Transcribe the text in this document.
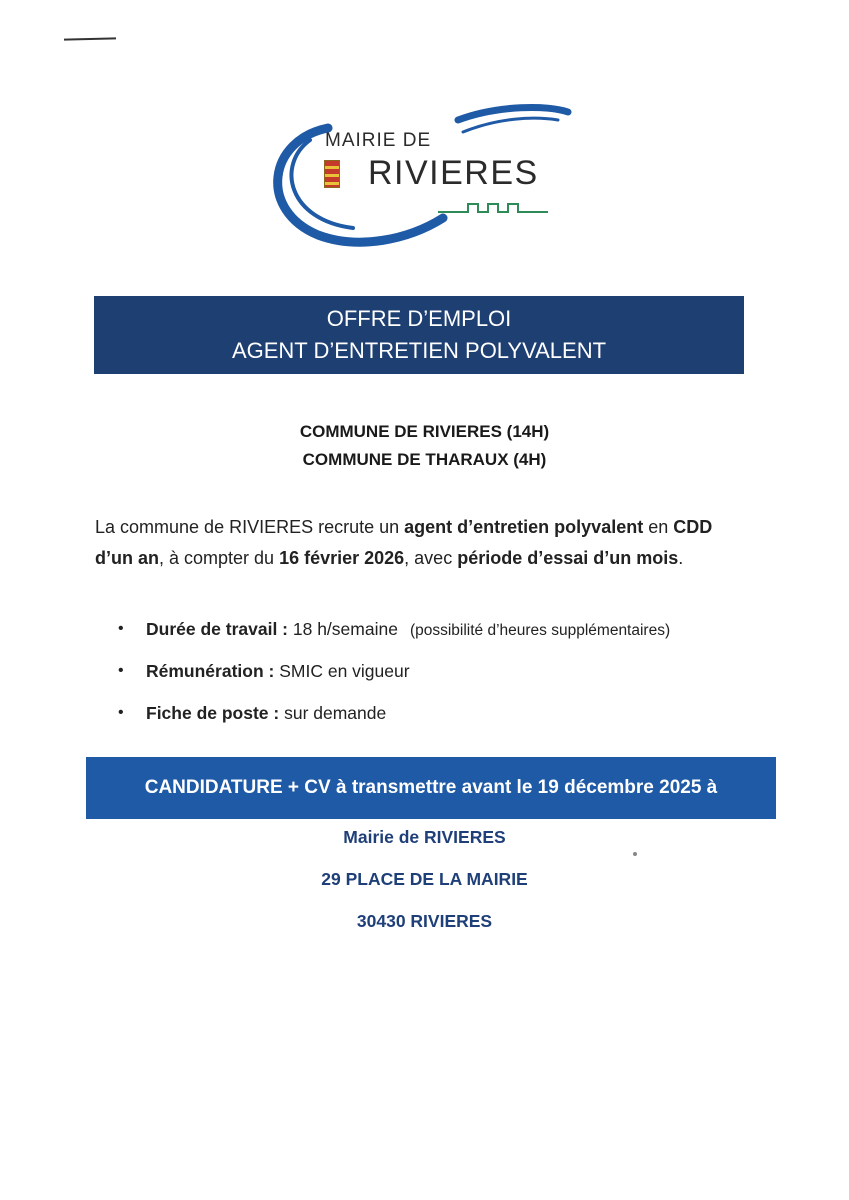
MAIRIE DE
RIVIERES
OFFRE D’EMPLOI
AGENT D’ENTRETIEN POLYVALENT
COMMUNE DE RIVIERES (14H)
COMMUNE DE THARAUX (4H)

La commune de RIVIERES recrute un agent d’entretien polyvalent en CDD d’un an, à compter du 16 février 2026, avec période d’essai d’un mois.

• Durée de travail : 18 h/semaine (possibilité d’heures supplémentaires)
• Rémunération : SMIC en vigueur
• Fiche de poste : sur demande
CANDIDATURE + CV à transmettre avant le 19 décembre 2025 à
Mairie de RIVIERES
29 PLACE DE LA MAIRIE
30430 RIVIERES
